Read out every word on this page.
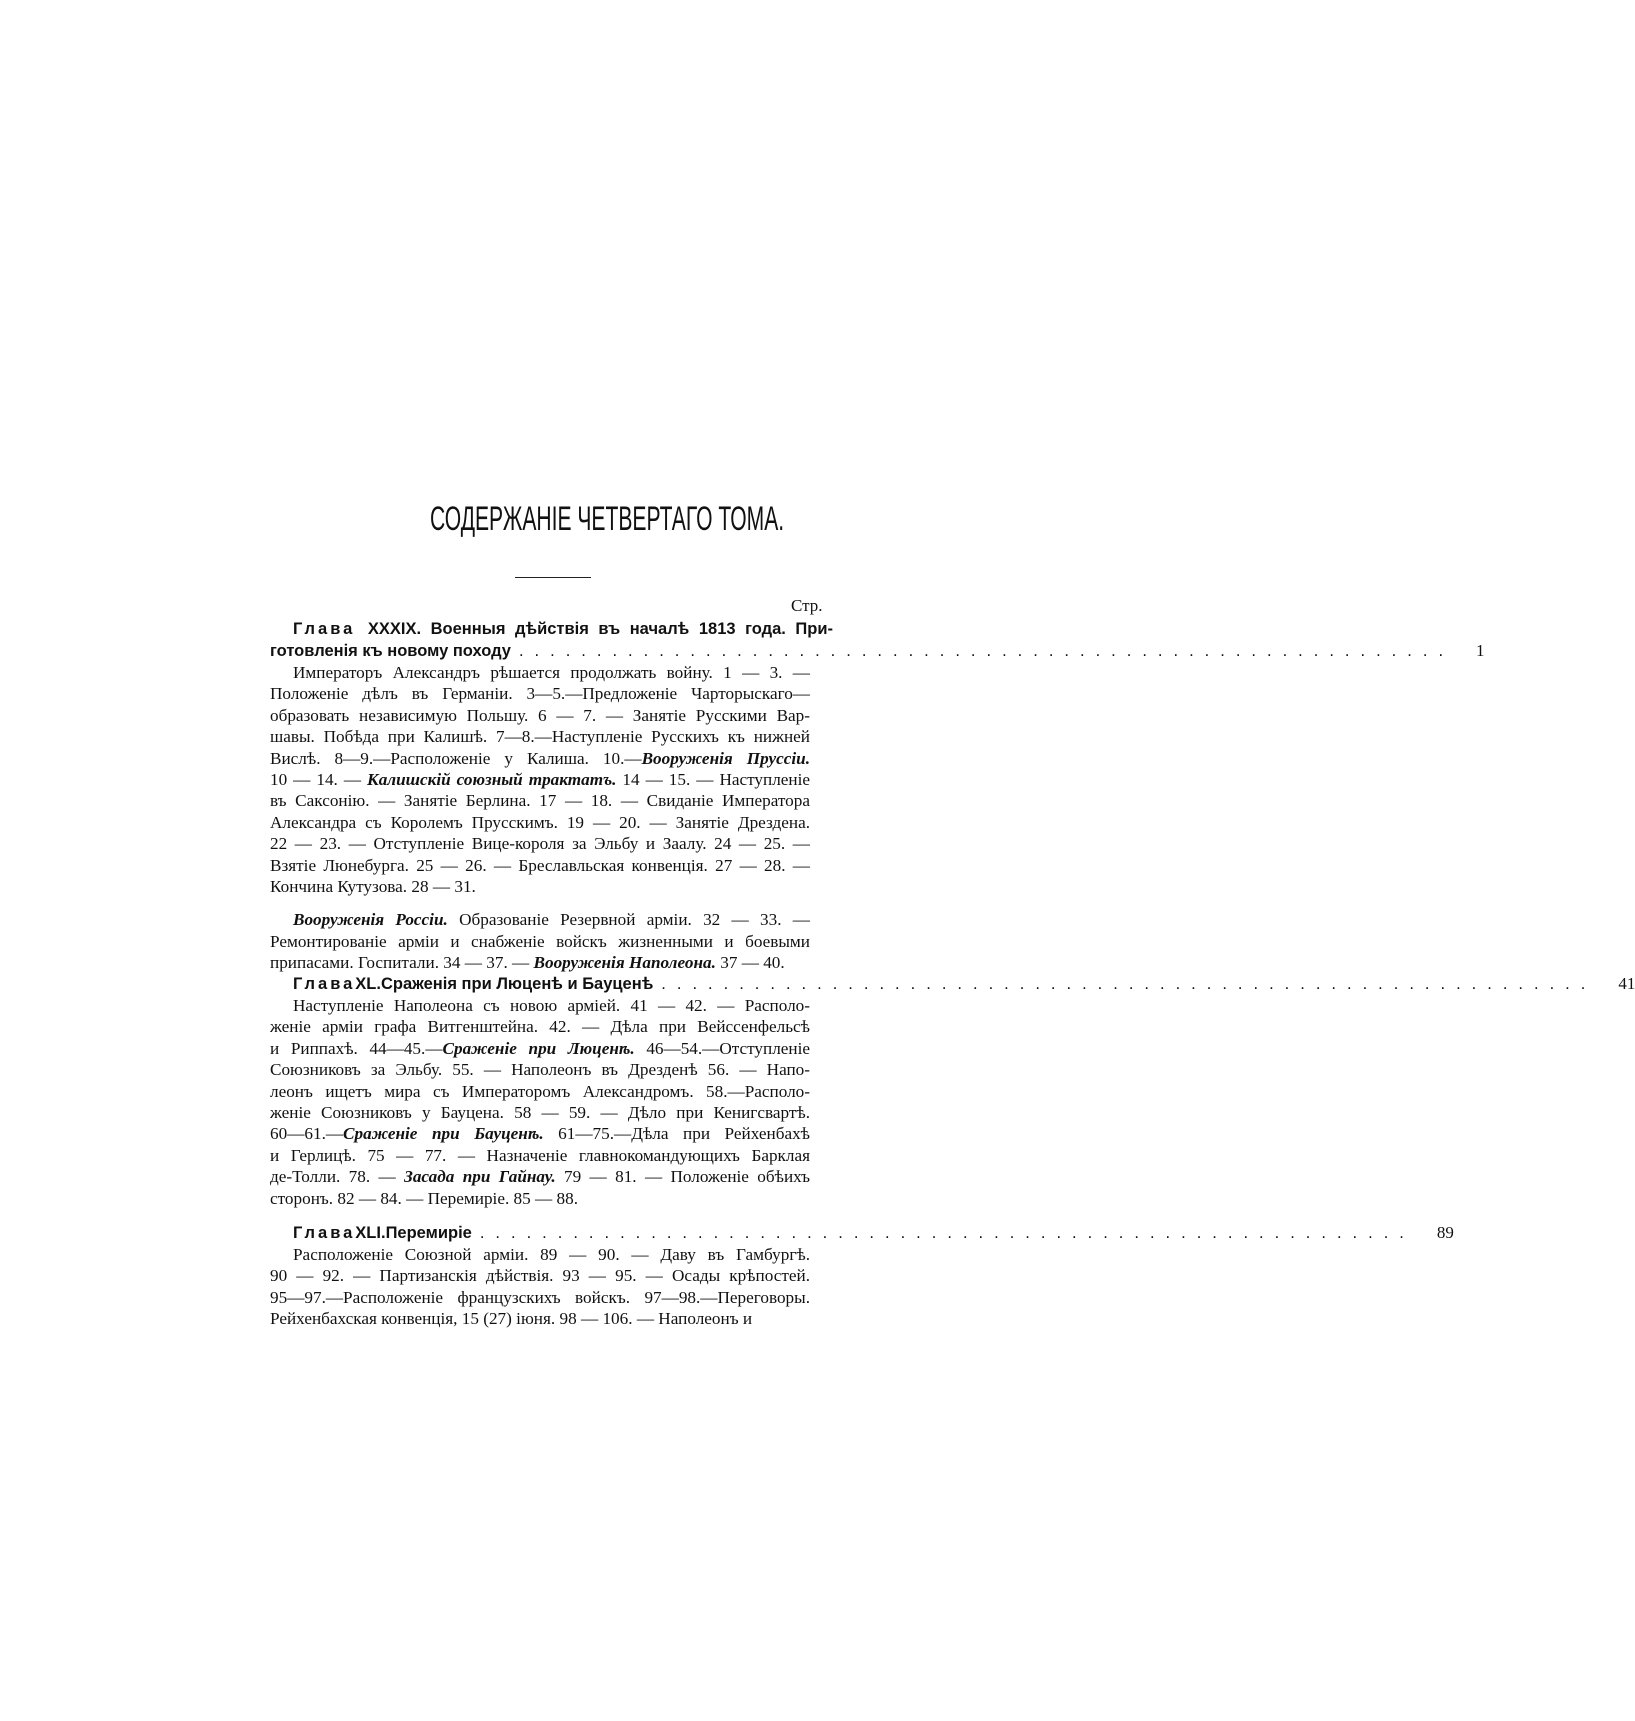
СОДЕРЖАНІЕ ЧЕТВЕРТАГО ТОМА.
Стр.
Глава XXXIX. Военныя дѣйствія въ началѣ 1813 года. При-
готовленія къ новому походу ............................................................ 1
Императоръ Александръ рѣшается продолжать войну. 1 — 3. —
Положеніе дѣлъ въ Германіи. 3—5.—Предложеніе Чарторыскаго—
образовать независимую Польшу. 6 — 7. — Занятіе Русскими Вар-
шавы. Побѣда при Калишѣ. 7—8.—Наступленіе Русскихъ къ нижней
Вислѣ. 8—9.—Расположеніе у Калиша. 10.—Вооруженія Пруссіи.
10 — 14. — Калишскій союзный трактатъ. 14 — 15. — Наступленіе
въ Саксонію. — Занятіе Берлина. 17 — 18. — Свиданіе Императора
Александра съ Королемъ Прусскимъ. 19 — 20. — Занятіе Дрездена.
22 — 23. — Отступленіе Вице-короля за Эльбу и Заалу. 24 — 25. —
Взятіе Люнебурга. 25 — 26. — Бреславльская конвенція. 27 — 28. —
Кончина Кутузова. 28 — 31.
Вооруженія Россіи. Образованіе Резервной арміи. 32 — 33. —
Ремонтированіе арміи и снабженіе войскъ жизненными и боевыми
припасами. Госпитали. 34 — 37. — Вооруженія Наполеона. 37 — 40.
Глава XL. Сраженія при Люценѣ и Бауценѣ ............................................................ 41
Наступленіе Наполеона съ новою арміей. 41 — 42. — Располо-
женіе арміи графа Витгенштейна. 42. — Дѣла при Вейссенфельсѣ
и Риппахѣ. 44—45.—Сраженіе при Люценѣ. 46—54.—Отступленіе
Союзниковъ за Эльбу. 55. — Наполеонъ въ Дрезденѣ 56. — Напо-
леонъ ищетъ мира съ Императоромъ Александромъ. 58.—Располо-
женіе Союзниковъ у Бауцена. 58 — 59. — Дѣло при Кенигсвартѣ.
60—61.—Сраженіе при Бауценѣ. 61—75.—Дѣла при Рейхенбахѣ
и Герлицѣ. 75 — 77. — Назначеніе главнокомандующихъ Барклая
де-Толли. 78. — Засада при Гайнау. 79 — 81. — Положеніе обѣихъ
сторонъ. 82 — 84. — Перемиріе. 85 — 88.
Глава XLI. Перемиріе ............................................................ 89
Расположеніе Союзной арміи. 89 — 90. — Даву въ Гамбургѣ.
90 — 92. — Партизанскія дѣйствія. 93 — 95. — Осады крѣпостей.
95—97.—Расположеніе французскихъ войскъ. 97—98.—Переговоры.
Рейхенбахская конвенція, 15 (27) іюня. 98 — 106. — Наполеонъ и
